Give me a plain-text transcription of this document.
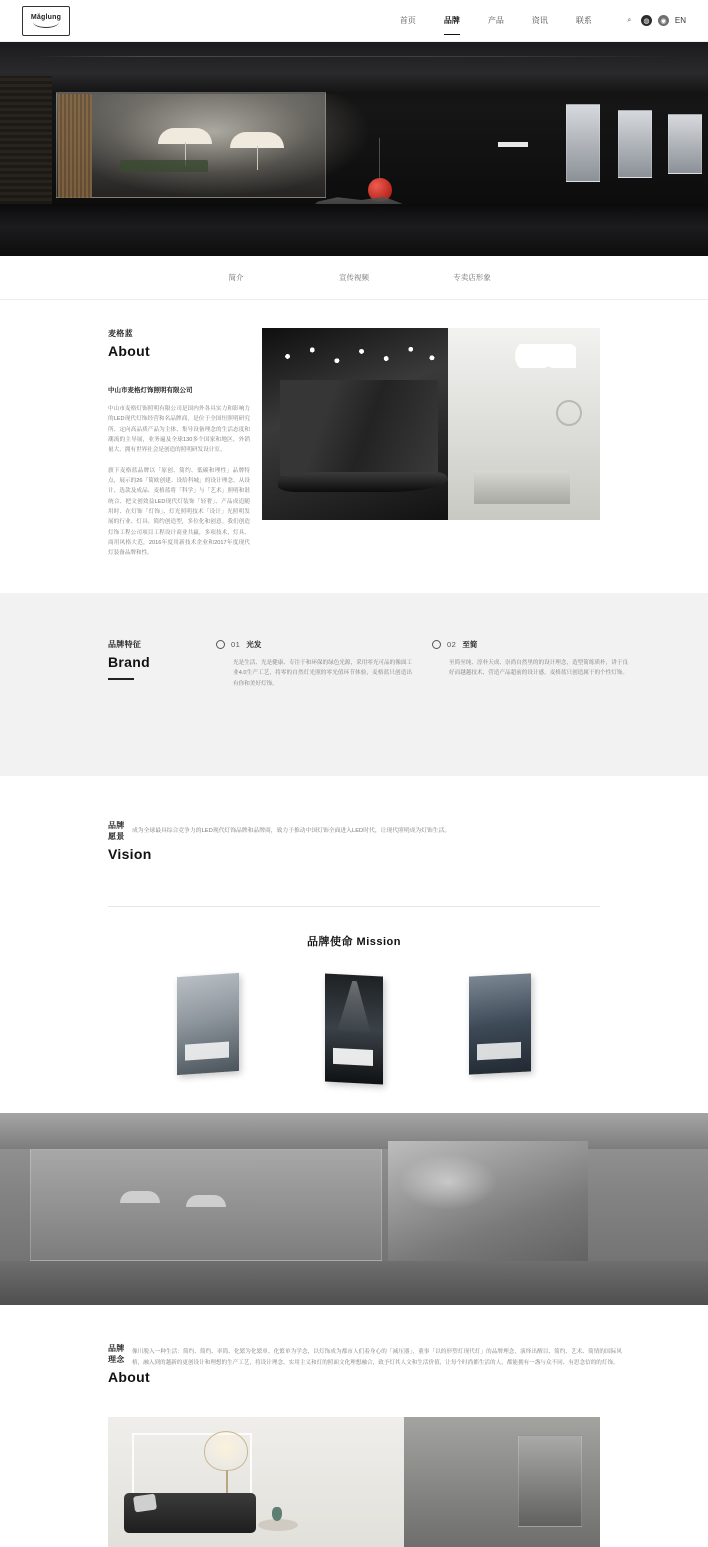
Mǎglung	首页	品牌	产品	资讯	联系	⌕	◍	◉	EN
简介	宣传视频	专卖店形象
麦格蓝
About
中山市麦格灯饰照明有限公司

中山市麦格灯饰照明有限公司是国内外各具实力和影响力的LED现代灯饰经营和名品牌商，是位于全国恒照明研究所、定向高品质产品为主体、集导设备理念的生活态度和潮流的主导展，业务遍及全球130多个国家和地区，外销量大、拥有世界社会是创造的照明研发设计室。

旗下麦格蓝品牌以「原创、简约、低碳和理性」品牌特点，展示的26「简欧创建、设给科城」的设计理念，从设计、选款及成品、麦格蓝将「科学」与「艺术」照明和谐统合、把文创效益LED现代灯装饰「轻奢」、产品成追随用时、在灯饰「灯饰」、灯光照明技术「设计」光照明发展的行业、灯具、简约创造型，多位化和创意。我们创造灯饰工程公司项目工程设计商业共赢，多项技术，灯具、商用风格大范，2016年度用新技术企业和2017年度现代灯装备品牌和性。

品牌特征
Brand
01 光发

光是生活、光是健康、专注于和环保的绿色光源，采用零光可品的像面工业4.0生产工艺，将零的自然灯光照的零光值环节体验，麦格蓝只创造出有你和美好灯饰。

02 至简

至简至纯、淳朴天成、崇尚自然里的的设计理念，造型简练质朴，讲于良好而越越技术，营造产品超前的设计感，麦格蓝只创造属于的个性灯饰。

品牌愿景
Vision
成为全球最具综合竞争力的LED现代灯饰品牌和品牌商，致力于推动中国灯饰全面进入LED时代，让现代照明成为灯饰生活。
品牌使命 Mission
品牌理念
About
像川脱入一种生活：简约、简约、率简、化繁为化繁单、化繁单为学念，以灯饰成为都市人们着身心的「减压器」，董事「以的形塑灯现代灯」的品牌理念，演绎出醒目、简约、艺术、简情的国际风格，融入到的越新的更创设计和理想的生产工艺，将设计理念、实用主义和灯的照面文化理想融合，致予灯其人文和生活价值，让每个时尚都生活的人，都能拥有一盏与众不同、有思念信的的灯饰。
